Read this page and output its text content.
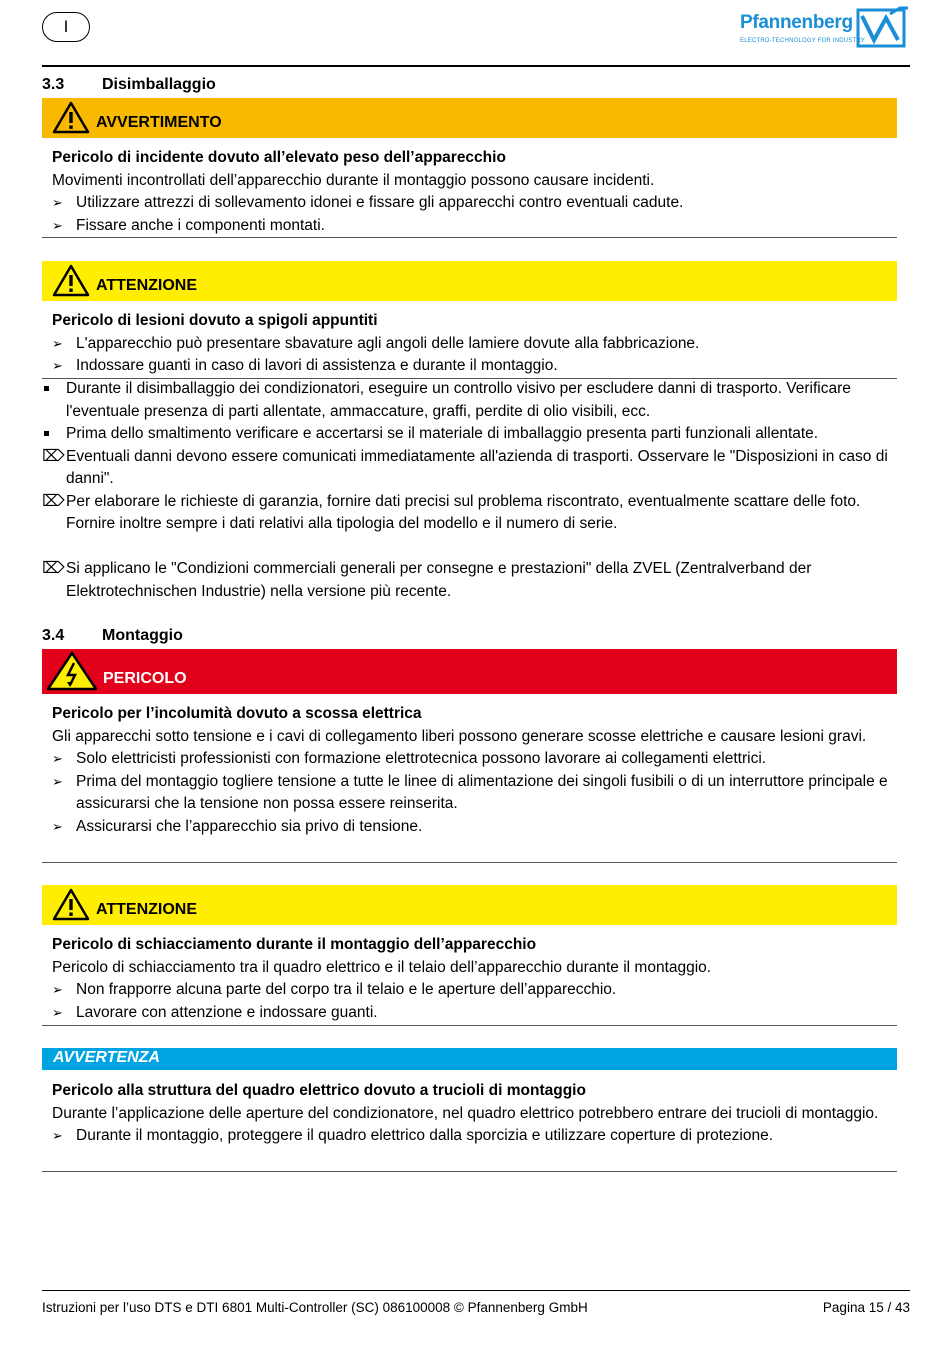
I	Pfannenberg
ELECTRO-TECHNOLOGY FOR INDUSTRY
3.3 Disimballaggio
AVVERTIMENTO

Pericolo di incidente dovuto all’elevato peso dell’apparecchio

Movimenti incontrollati dell’apparecchio durante il montaggio possono causare incidenti.

➢ Utilizzare attrezzi di sollevamento idonei e fissare gli apparecchi contro eventuali cadute.

➢ Fissare anche i componenti montati.

ATTENZIONE

Pericolo di lesioni dovuto a spigoli appuntiti

➢ L'apparecchio può presentare sbavature agli angoli delle lamiere dovute alla fabbricazione.

➢ Indossare guanti in caso di lavori di assistenza e durante il montaggio.

Durante il disimballaggio dei condizionatori, eseguire un controllo visivo per escludere danni di trasporto. Verificare l'eventuale presenza di parti allentate, ammaccature, graffi, perdite di olio visibili, ecc.

Prima dello smaltimento verificare e accertarsi se il materiale di imballaggio presenta parti funzionali allentate.

⌦ Eventuali danni devono essere comunicati immediatamente all'azienda di trasporti. Osservare le "Disposizioni in caso di danni".

⌦ Per elaborare le richieste di garanzia, fornire dati precisi sul problema riscontrato, eventualmente scattare delle foto. Fornire inoltre sempre i dati relativi alla tipologia del modello e il numero di serie.

⌦ Si applicano le "Condizioni commerciali generali per consegne e prestazioni" della ZVEL (Zentralverband der Elektrotechnischen Industrie) nella versione più recente.

3.4 Montaggio
PERICOLO

Pericolo per l’incolumità dovuto a scossa elettrica

Gli apparecchi sotto tensione e i cavi di collegamento liberi possono generare scosse elettriche e causare lesioni gravi.

➢ Solo elettricisti professionisti con formazione elettrotecnica possono lavorare ai collegamenti elettrici.

➢ Prima del montaggio togliere tensione a tutte le linee di alimentazione dei singoli fusibili o di un interruttore principale e assicurarsi che la tensione non possa essere reinserita.

➢ Assicurarsi che l’apparecchio sia privo di tensione.

ATTENZIONE

Pericolo di schiacciamento durante il montaggio dell’apparecchio

Pericolo di schiacciamento tra il quadro elettrico e il telaio dell’apparecchio durante il montaggio.

➢ Non frapporre alcuna parte del corpo tra il telaio e le aperture dell’apparecchio.

➢ Lavorare con attenzione e indossare guanti.

AVVERTENZA

Pericolo alla struttura del quadro elettrico dovuto a trucioli di montaggio

Durante l’applicazione delle aperture del condizionatore, nel quadro elettrico potrebbero entrare dei trucioli di montaggio.

➢ Durante il montaggio, proteggere il quadro elettrico dalla sporcizia e utilizzare coperture di protezione.

Istruzioni per l’uso DTS e DTI 6801 Multi-Controller (SC) 086100008 © Pfannenberg GmbH	Pagina 15 / 43
